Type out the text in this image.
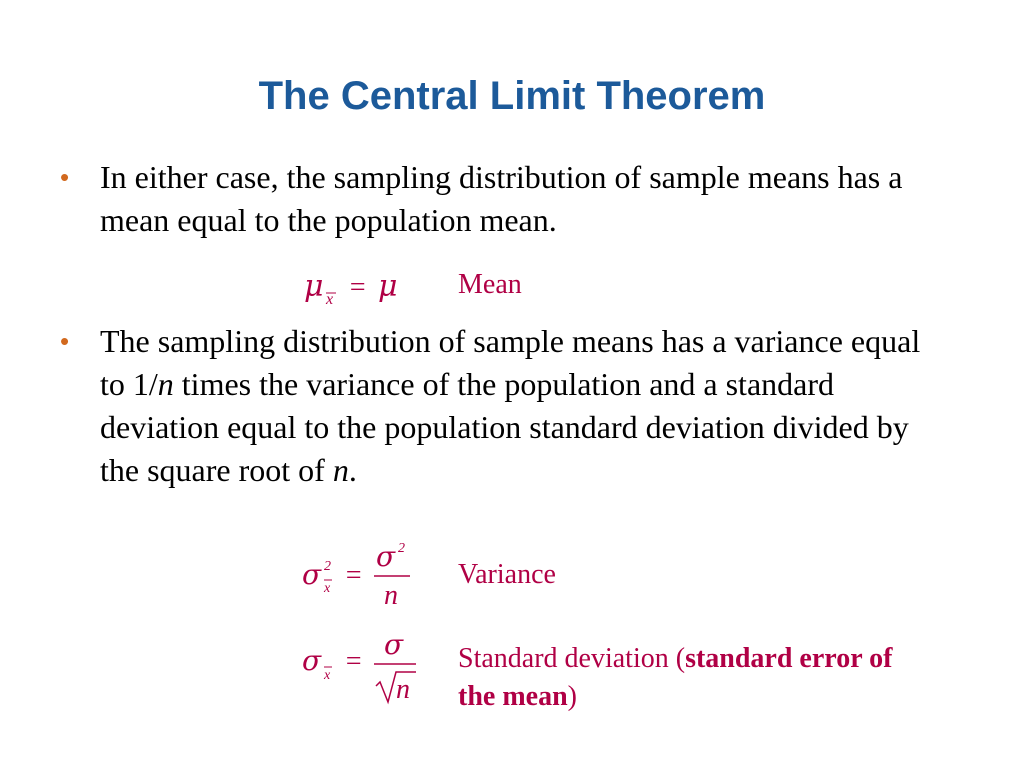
The Central Limit Theorem
• In either case, the sampling distribution of sample means has a mean equal to the population mean.
μ x = μ Mean
• The sampling distribution of sample means has a variance equal to 1/n times the variance of the population and a standard deviation equal to the population standard deviation divided by the square root of n.
σ 2
x =
σ 2
n
Variance
σ x =
σ
n
Standard deviation (standard error of the mean)
